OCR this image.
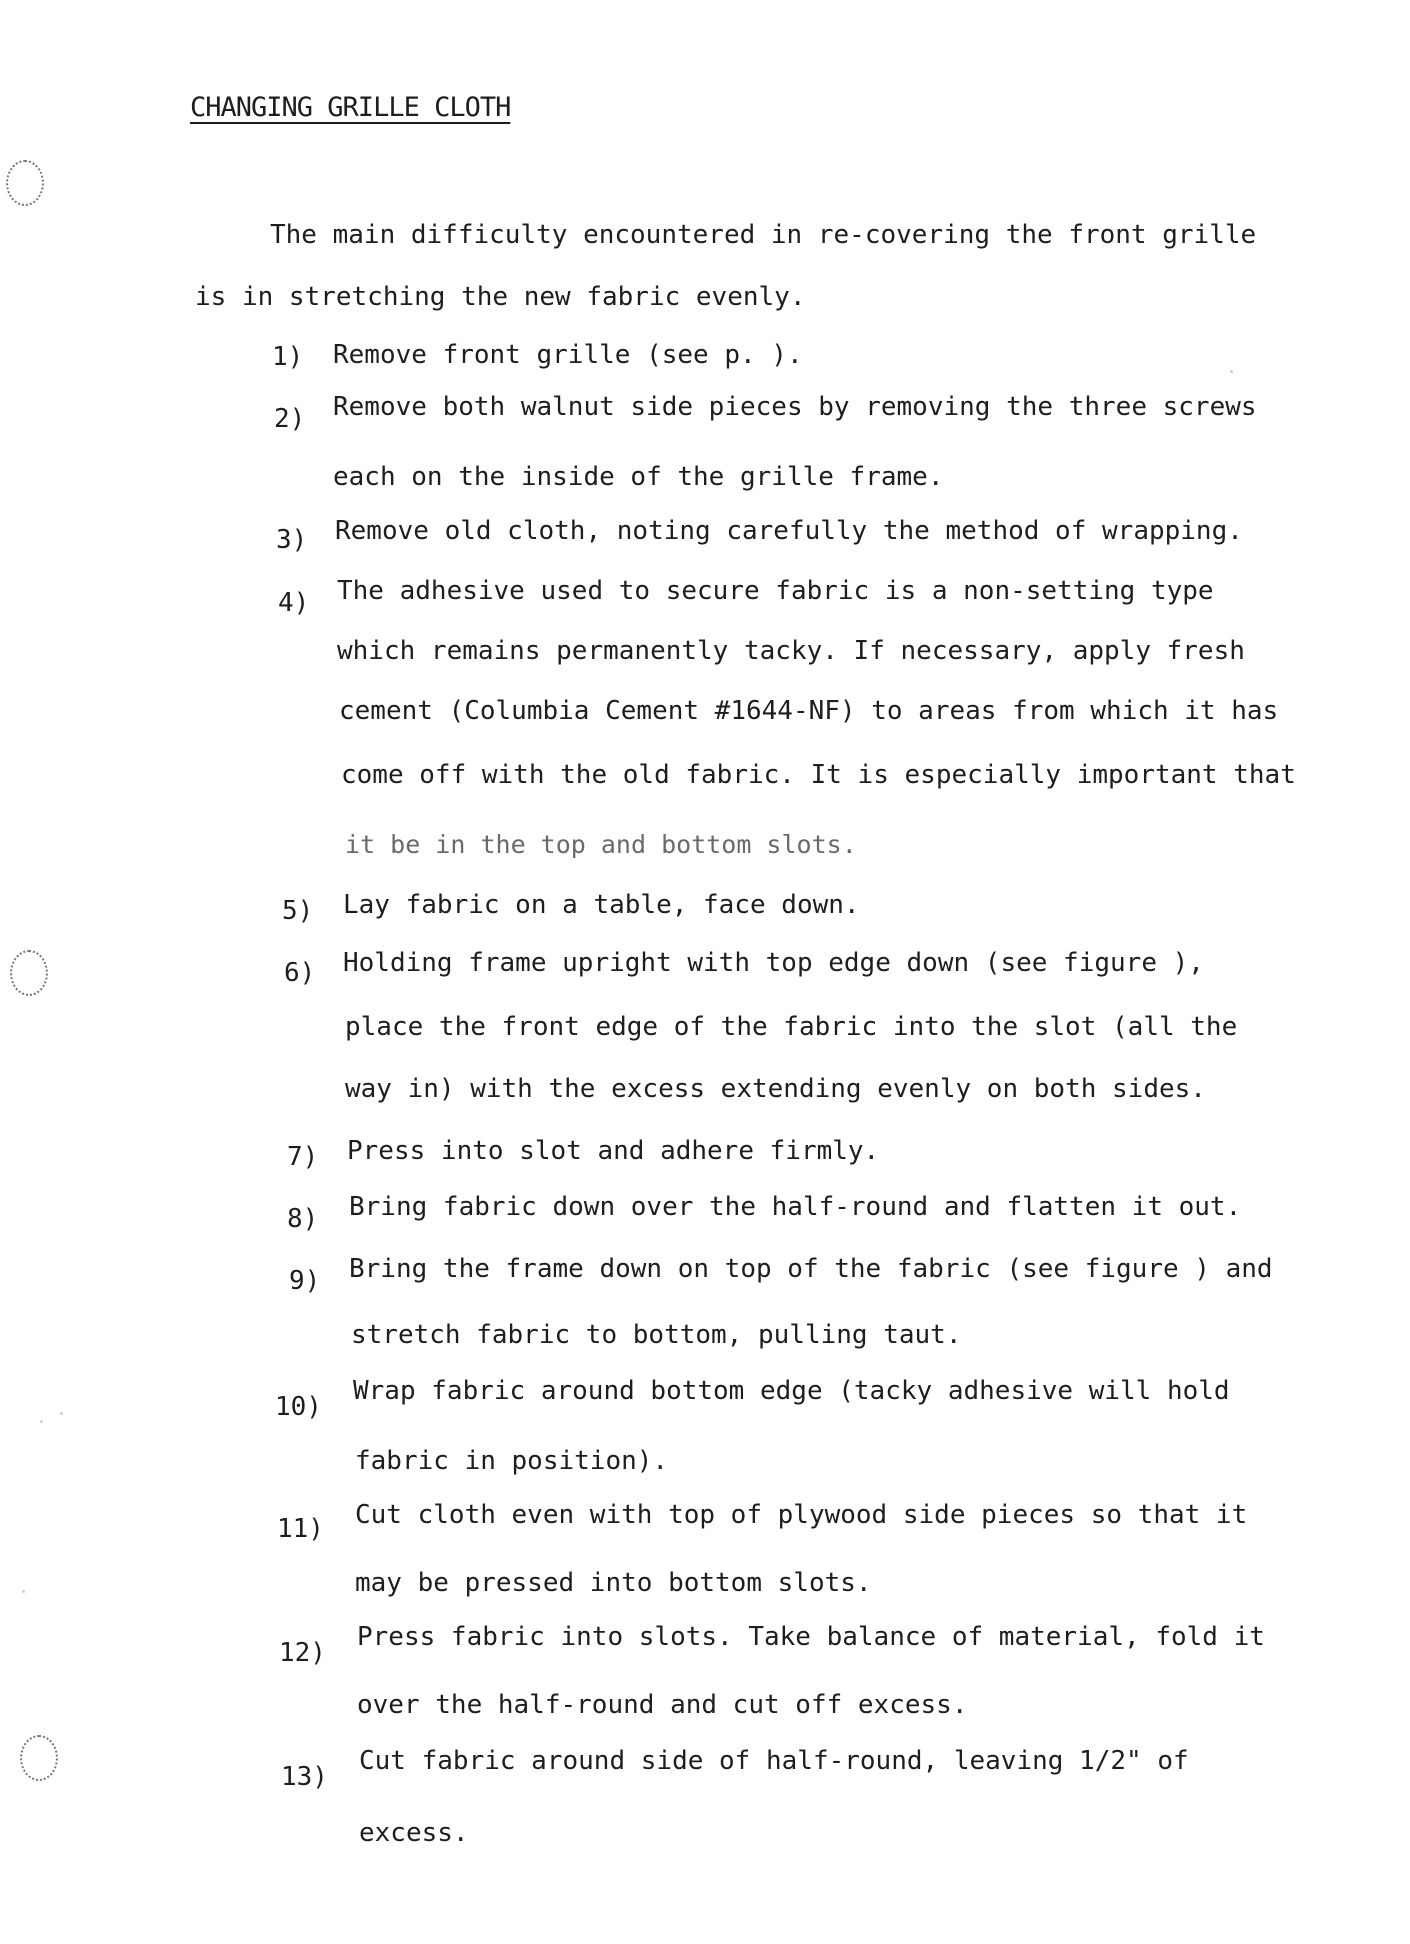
CHANGING GRILLE CLOTH
The main difficulty encountered in re-covering the front grille
is in stretching the new fabric evenly.
1) Remove front grille (see p. ).
2) Remove both walnut side pieces by removing the three screws
each on the inside of the grille frame.
3) Remove old cloth, noting carefully the method of wrapping.
4) The adhesive used to secure fabric is a non-setting type
which remains permanently tacky. If necessary, apply fresh
cement (Columbia Cement #1644-NF) to areas from which it has
come off with the old fabric. It is especially important that
it be in the top and bottom slots.
5) Lay fabric on a table, face down.
6) Holding frame upright with top edge down (see figure ),
place the front edge of the fabric into the slot (all the
way in) with the excess extending evenly on both sides.
7) Press into slot and adhere firmly.
8) Bring fabric down over the half-round and flatten it out.
9) Bring the frame down on top of the fabric (see figure ) and
stretch fabric to bottom, pulling taut.
10)
Wrap fabric around bottom edge (tacky adhesive will hold
fabric in position).
11) Cut cloth even with top of plywood side pieces so that it
may be pressed into bottom slots.
12)
Press fabric into slots. Take balance of material, fold it
over the half-round and cut off excess.
13)
Cut fabric around side of half-round, leaving 1/2" of
excess.
